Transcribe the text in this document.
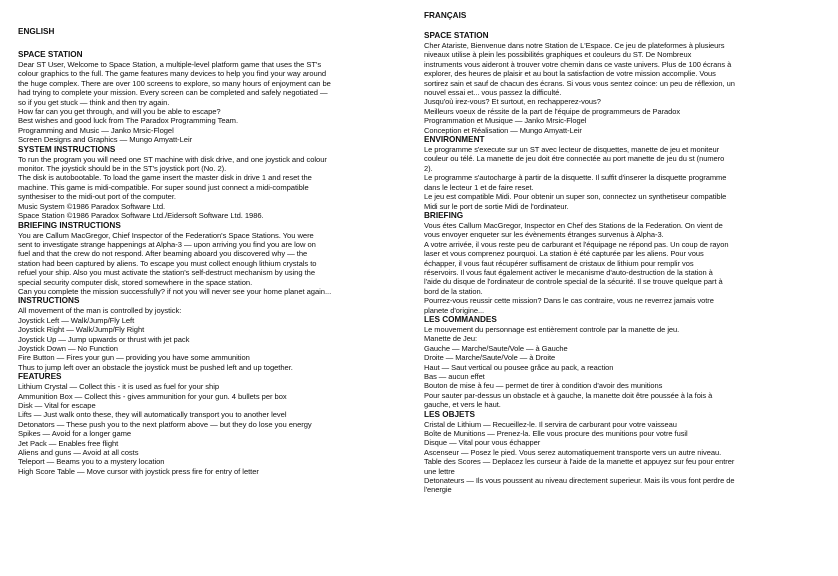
ENGLISH
SPACE STATION
Dear ST User, Welcome to Space Station, a multiple-level platform game that uses the ST's
colour graphics to the full. The game features many devices to help you find your way around
the huge complex. There are over 100 screens to explore, so many hours of enjoyment can be
had trying to complete your mission. Every screen can be completed and safely negotiated —
so if you get stuck — think and then try again.
How far can you get through, and will you be able to escape?
Best wishes and good luck from The Paradox Programming Team.
Programming and Music — Janko Mrsic-Flogel
Screen Designs and Graphics — Mungo Amyatt-Leir
SYSTEM INSTRUCTIONS
To run the program you will need one ST machine with disk drive, and one joystick and colour
monitor. The joystick should be in the ST's joystick port (No. 2).
The disk is autobootable. To load the game insert the master disk in drive 1 and reset the
machine. This game is midi-compatible. For super sound just connect a midi-compatible
synthesiser to the midi-out port of the computer.
Music System ©1986 Paradox Software Ltd.
Space Station ©1986 Paradox Software Ltd./Eidersoft Software Ltd. 1986.
BRIEFING INSTRUCTIONS
You are Callum MacGregor, Chief Inspector of the Federation's Space Stations. You were
sent to investigate strange happenings at Alpha-3 — upon arriving you find you are low on
fuel and that the crew do not respond. After beaming aboard you discovered why — the
station had been captured by aliens. To escape you must collect enough lithium crystals to
refuel your ship. Also you must activate the station's self-destruct mechanism by using the
special security computer disk, stored somewhere in the space station.
Can you complete the mission successfully? if not you will never see your home planet again...
INSTRUCTIONS
All movement of the man is controlled by joystick:
Joystick Left — Walk/Jump/Fly Left
Joystick Right — Walk/Jump/Fly Right
Joystick Up — Jump upwards or thrust with jet pack
Joystick Down — No Function
Fire Button — Fires your gun — providing you have some ammunition
Thus to jump left over an obstacle the joystick must be pushed left and up together.
FEATURES
Lithium Crystal — Collect this - it is used as fuel for your ship
Ammunition Box — Collect this - gives ammunition for your gun. 4 bullets per box
Disk — Vital for escape
Lifts — Just walk onto these, they will automatically transport you to another level
Detonators — These push you to the next platform above — but they do lose you energy
Spikes — Avoid for a longer game
Jet Pack — Enables free flight
Aliens and guns — Avoid at all costs
Teleport — Beams you to a mystery location
High Score Table — Move cursor with joystick press fire for entry of letter
FRANÇAIS
SPACE STATION
Cher Atariste, Bienvenue dans notre Station de L'Espace. Ce jeu de plateformes à plusieurs
niveaux utilise à plein les possibilités graphiques et couleurs du ST. De Nombreux
instruments vous aideront à trouver votre chemin dans ce vaste univers. Plus de 100 écrans à
explorer, des heures de plaisir et au bout la satisfaction de votre mission accomplie. Vous
sortirez sain et sauf de chacun des écrans. Si vous vous sentez coince: un peu de réflexion, un
nouvel essai et... vous passez la difficulté.
Jusqu'où irez-vous? Et surtout, en rechapperez-vous?
Meilleurs voeux de réssite de la part de l'équipe de programmeurs de Paradox
Programmation et Musique — Janko Mrsic-Flogel
Conception et Réalisation — Mungo Amyatt-Leir
ENVIRONMENT
Le programme s'execute sur un ST avec lecteur de disquettes, manette de jeu et moniteur
couleur ou télé. La manette de jeu doit étre connectée au port manette de jeu du st (numero
2).
Le programme s'autocharge à partir de la disquette. Il suffit d'inserer la disquette programme
dans le lecteur 1 et de faire reset.
Le jeu est compatible Midi. Pour obtenir un super son, connectez un synthetiseur compatible
Midi sur le port de sortie Midi de l'ordinateur.
BRIEFING
Vous étes Callum MacGregor, Inspector en Chef des Stations de la Federation. On vient de
vous envoyer enqueter sur les évènements étranges survenus à Alpha-3.
A votre arrivée, il vous reste peu de carburant et l'équipage ne répond pas. Un coup de rayon
laser et vous comprenez pourquoi. La station è été capturée par les aliens. Pour vous
échapper, il vous faut récupérer suffisament de cristaux de lithium pour remplir vos
réservoirs. Il vous faut également activer le mecanisme d'auto-destruction de la station à
l'aide du disque de l'ordinateur de controle special de la sécurité. Il se trouve quelque part à
bord de la station.
Pourrez-vous reussir cette mission? Dans le cas contraire, vous ne reverrez jamais votre
planete d'origine...
LES COMMANDES
Le mouvement du personnage est entièrement controle par la manette de jeu.
Manette de Jeu:
Gauche — Marche/Saute/Vole — à Gauche
Droite — Marche/Saute/Vole — à Droite
Haut — Saut vertical ou pousee grâce au pack, a reaction
Bas — aucun effet
Bouton de mise à feu — permet de tirer à condition d'avoir des munitions
Pour sauter par-dessus un obstacle et à gauche, la manette doit être poussée à la fois à
gauche, et vers le haut.
LES OBJETS
Cristal de Lithium — Recueillez-le. Il servira de carburant pour votre vaisseau
Boîte de Munitions — Prenez-la. Elle vous procure des munitions pour votre fusil
Disque — Vital pour vous échapper
Ascenseur — Posez le pied. Vous serez automatiquement transporte vers un autre niveau.
Table des Scores — Deplacez les curseur à l'aide de la manette et appuyez sur feu pour entrer
une lettre
Detonateurs — Ils vous poussent au niveau directement superieur. Mais ils vous font perdre de
l'energie
